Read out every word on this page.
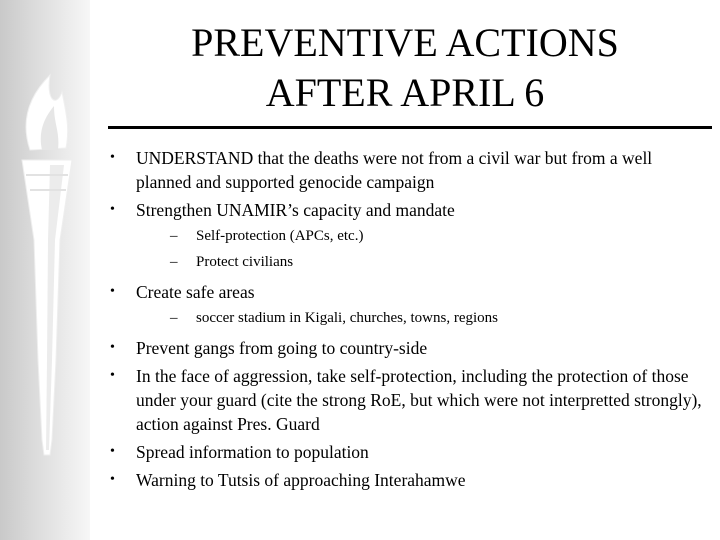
PREVENTIVE ACTIONS
AFTER APRIL 6
• UNDERSTAND that the deaths were not from a civil war but from a well planned and supported genocide campaign
• Strengthen UNAMIR’s capacity and mandate
– Self-protection (APCs, etc.)
– Protect civilians
• Create safe areas
– soccer stadium in Kigali, churches, towns, regions
• Prevent gangs from going to country-side
• In the face of aggression, take self-protection, including the protection of those under your guard (cite the strong RoE, but which were not interpretted strongly), action against Pres. Guard
• Spread information to population
• Warning to Tutsis of approaching Interahamwe
